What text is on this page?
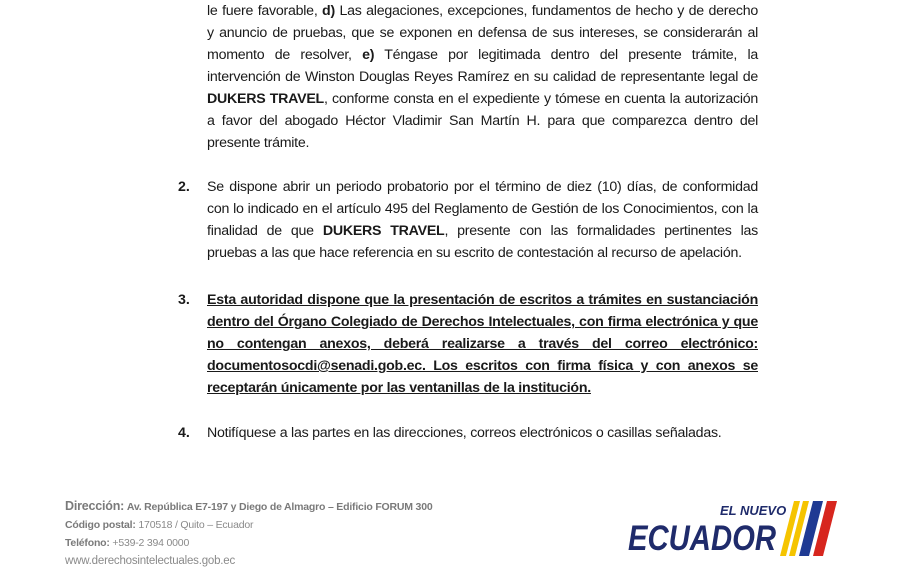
le fuere favorable, d) Las alegaciones, excepciones, fundamentos de hecho y de derecho y anuncio de pruebas, que se exponen en defensa de sus intereses, se considerarán al momento de resolver, e) Téngase por legitimada dentro del presente trámite, la intervención de Winston Douglas Reyes Ramírez en su calidad de representante legal de DUKERS TRAVEL, conforme consta en el expediente y tómese en cuenta la autorización a favor del abogado Héctor Vladimir San Martín H. para que comparezca dentro del presente trámite.
2. Se dispone abrir un periodo probatorio por el término de diez (10) días, de conformidad con lo indicado en el artículo 495 del Reglamento de Gestión de los Conocimientos, con la finalidad de que DUKERS TRAVEL, presente con las formalidades pertinentes las pruebas a las que hace referencia en su escrito de contestación al recurso de apelación.
3. Esta autoridad dispone que la presentación de escritos a trámites en sustanciación dentro del Órgano Colegiado de Derechos Intelectuales, con firma electrónica y que no contengan anexos, deberá realizarse a través del correo electrónico: documentosocdi@senadi.gob.ec. Los escritos con firma física y con anexos se receptarán únicamente por las ventanillas de la institución.
4. Notifíquese a las partes en las direcciones, correos electrónicos o casillas señaladas.
Dirección: Av. República E7-197 y Diego de Almagro – Edificio FORUM 300
Código postal: 170518 / Quito – Ecuador
Teléfono: +539-2 394 0000
www.derechosintelectuales.gob.ec
EL NUEVO
ECUADOR
